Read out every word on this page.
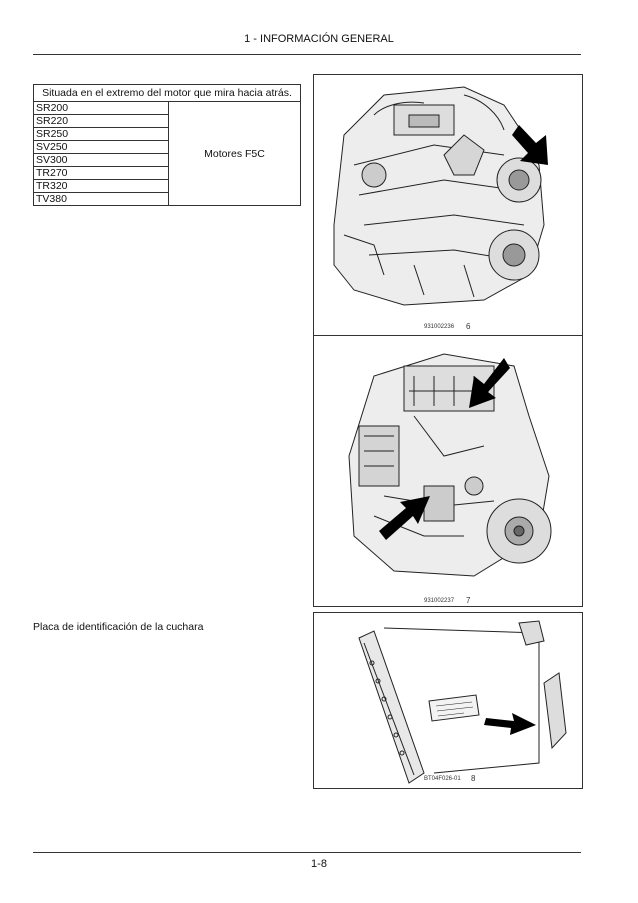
1 - INFORMACIÓN GENERAL
Situada en el extremo del motor que mira hacia atrás.
SR200	Motores F5C
SR220
SR250
SV250
SV300
TR270
TR320
TV380
931002236 6
931002237 7
Placa de identificación de la cuchara
BT04F026-01 8
1-8
